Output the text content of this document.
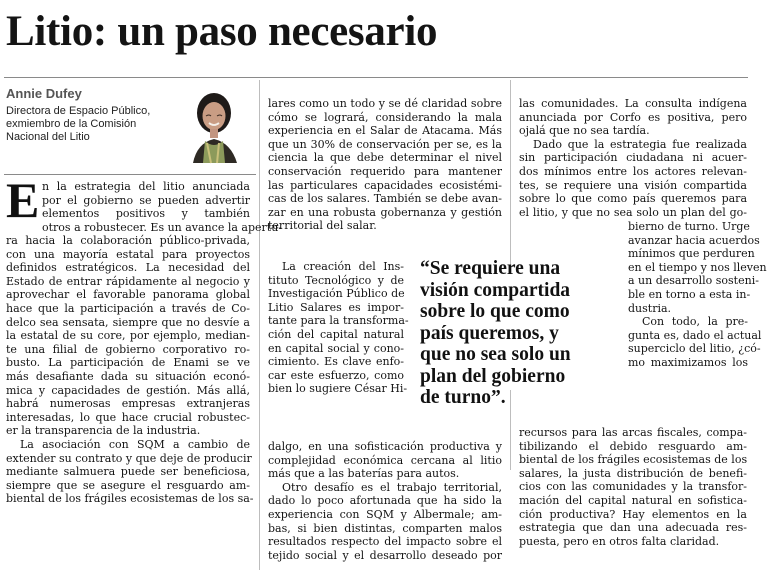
Litio: un paso necesario
Annie Dufey
Directora de Espacio Público,
exmiembro de la Comisión
Nacional del Litio
E n la estrategia del litio anunciada
por el gobierno se pueden advertir
elementos positivos y también
otros a robustecer. Es un avance la apertu-
ra hacia la colaboración público-privada,
con una mayoría estatal para proyectos
definidos estratégicos. La necesidad del
Estado de entrar rápidamente al negocio y
aprovechar el favorable panorama global
hace que la participación a través de Co-
delco sea sensata, siempre que no desvíe a
la estatal de su core, por ejemplo, median-
te una filial de gobierno corporativo ro-
busto. La participación de Enami se ve
más desafiante dada su situación econó-
mica y capacidades de gestión. Más allá,
habrá numerosas empresas extranjeras
interesadas, lo que hace crucial robustec-
er la transparencia de la industria.
La asociación con SQM a cambio de
extender su contrato y que deje de producir
mediante salmuera puede ser beneficiosa,
siempre que se asegure el resguardo am-
biental de los frágiles ecosistemas de los sa-
lares como un todo y se dé claridad sobre
cómo se logrará, considerando la mala
experiencia en el Salar de Atacama. Más
que un 30% de conservación per se, es la
ciencia la que debe determinar el nivel
conservación requerido para mantener
las particulares capacidades ecosistémi-
cas de los salares. También se debe avan-
zar en una robusta gobernanza y gestión
territorial del salar.
La creación del Ins-
tituto Tecnológico y de
Investigación Público de
Litio Salares es impor-
tante para la transforma-
ción del capital natural
en capital social y cono-
cimiento. Es clave enfo-
car este esfuerzo, como
bien lo sugiere César Hi-
dalgo, en una sofisticación productiva y
complejidad económica cercana al litio
más que a las baterías para autos.
Otro desafío es el trabajo territorial,
dado lo poco afortunada que ha sido la
experiencia con SQM y Albermale; am-
bas, si bien distintas, comparten malos
resultados respecto del impacto sobre el
tejido social y el desarrollo deseado por
las comunidades. La consulta indígena
anunciada por Corfo es positiva, pero
ojalá que no sea tardía.
Dado que la estrategia fue realizada
sin participación ciudadana ni acuer-
dos mínimos entre los actores relevan-
tes, se requiere una visión compartida
sobre lo que como país queremos para
el litio, y que no sea solo un plan del go-
bierno de turno. Urge
avanzar hacia acuerdos
mínimos que perduren
en el tiempo y nos lleven
a un desarrollo sosteni-
ble en torno a esta in-
dustria.
Con todo, la pre-
gunta es, dado el actual
superciclo del litio, ¿có-
mo maximizamos los
recursos para las arcas fiscales, compa-
tibilizando el debido resguardo am-
biental de los frágiles ecosistemas de los
salares, la justa distribución de benefi-
cios con las comunidades y la transfor-
mación del capital natural en sofistica-
ción productiva? Hay elementos en la
estrategia que dan una adecuada res-
puesta, pero en otros falta claridad.
“Se requiere una
visión compartida
sobre lo que como
país queremos, y
que no sea solo un
plan del gobierno
de turno”.
